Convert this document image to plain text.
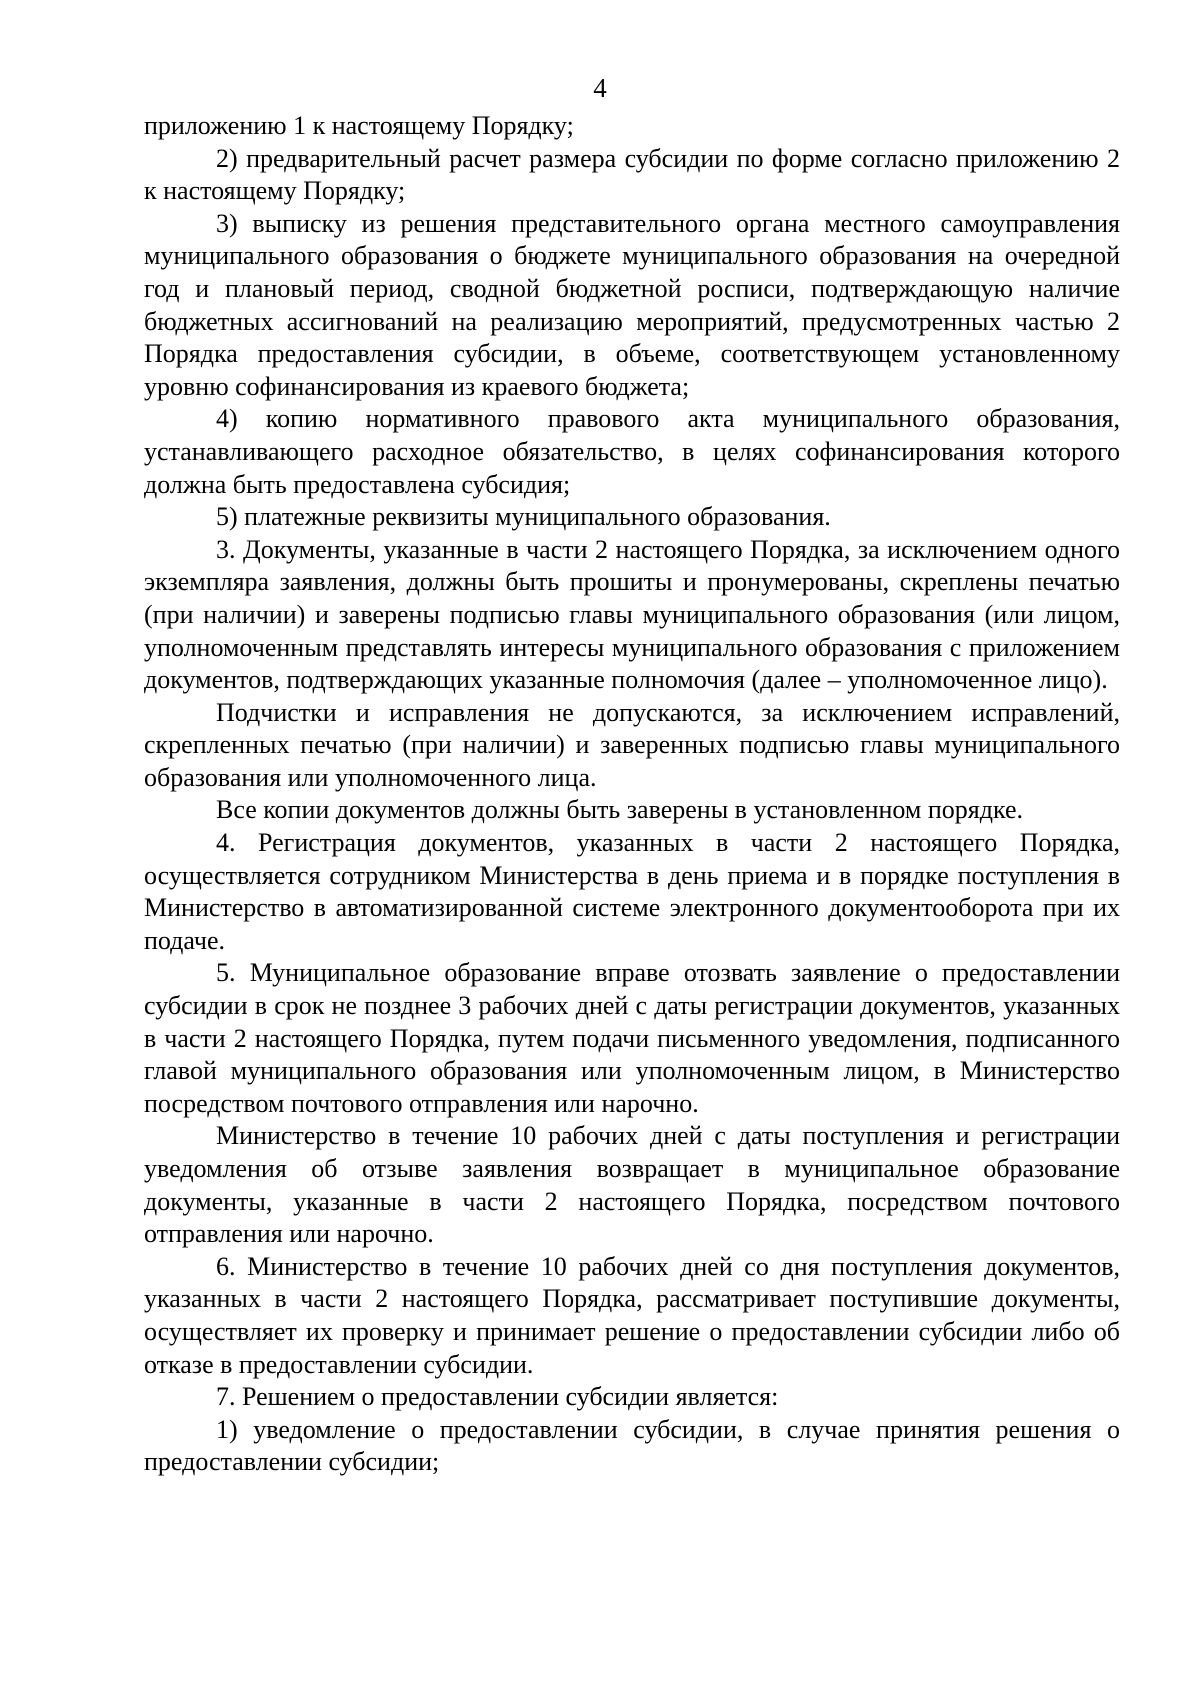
4

приложению 1 к настоящему Порядку;

2) предварительный расчет размера субсидии по форме согласно приложению 2 к настоящему Порядку;

3) выписку из решения представительного органа местного самоуправления муниципального образования о бюджете муниципального образования на очередной год и плановый период, сводной бюджетной росписи, подтверждающую наличие бюджетных ассигнований на реализацию мероприятий, предусмотренных частью 2 Порядка предоставления субсидии, в объеме, соответствующем установленному уровню софинансирования из краевого бюджета;

4) копию нормативного правового акта муниципального образования, устанавливающего расходное обязательство, в целях софинансирования которого должна быть предоставлена субсидия;

5) платежные реквизиты муниципального образования.

3. Документы, указанные в части 2 настоящего Порядка, за исключением одного экземпляра заявления, должны быть прошиты и пронумерованы, скреплены печатью (при наличии) и заверены подписью главы муниципального образования (или лицом, уполномоченным представлять интересы муниципального образования с приложением документов, подтверждающих указанные полномочия (далее – уполномоченное лицо).

Подчистки и исправления не допускаются, за исключением исправлений, скрепленных печатью (при наличии) и заверенных подписью главы муниципального образования или уполномоченного лица.

Все копии документов должны быть заверены в установленном порядке.

4. Регистрация документов, указанных в части 2 настоящего Порядка, осуществляется сотрудником Министерства в день приема и в порядке поступления в Министерство в автоматизированной системе электронного документооборота при их подаче.

5. Муниципальное образование вправе отозвать заявление о предоставлении субсидии в срок не позднее 3 рабочих дней с даты регистрации документов, указанных в части 2 настоящего Порядка, путем подачи письменного уведомления, подписанного главой муниципального образования или уполномоченным лицом, в Министерство посредством почтового отправления или нарочно.

Министерство в течение 10 рабочих дней с даты поступления и регистрации уведомления об отзыве заявления возвращает в муниципальное образование документы, указанные в части 2 настоящего Порядка, посредством почтового отправления или нарочно.

6. Министерство в течение 10 рабочих дней со дня поступления документов, указанных в части 2 настоящего Порядка, рассматривает поступившие документы, осуществляет их проверку и принимает решение о предоставлении субсидии либо об отказе в предоставлении субсидии.

7. Решением о предоставлении субсидии является:

1) уведомление о предоставлении субсидии, в случае принятия решения о предоставлении субсидии;
